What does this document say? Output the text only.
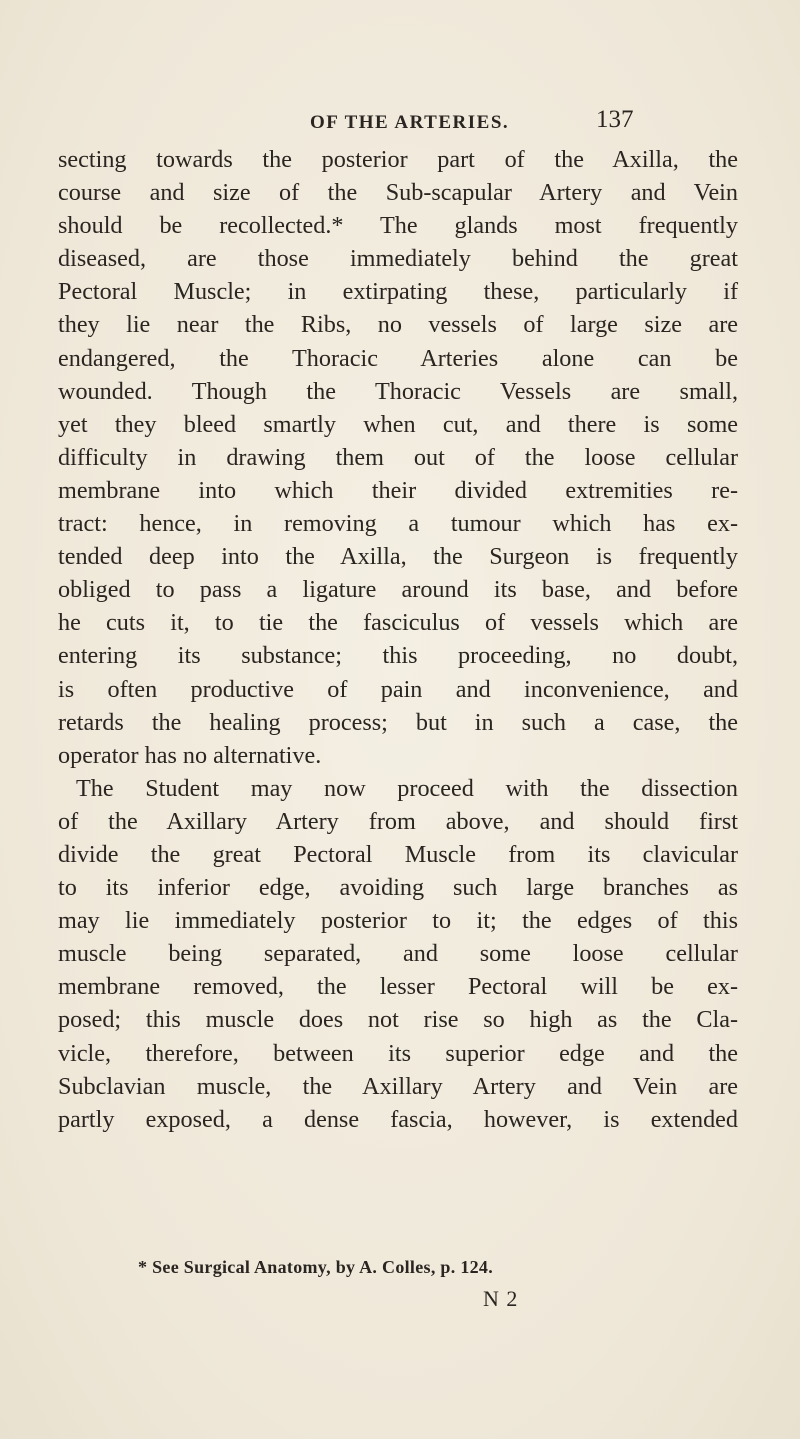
OF THE ARTERIES.	137
secting towards the posterior part of the Axilla, the
course and size of the Sub-scapular Artery and Vein
should be recollected.* The glands most frequently
diseased, are those immediately behind the great
Pectoral Muscle; in extirpating these, particularly if
they lie near the Ribs, no vessels of large size are
endangered, the Thoracic Arteries alone can be
wounded. Though the Thoracic Vessels are small,
yet they bleed smartly when cut, and there is some
difficulty in drawing them out of the loose cellular
membrane into which their divided extremities re-
tract: hence, in removing a tumour which has ex-
tended deep into the Axilla, the Surgeon is frequently
obliged to pass a ligature around its base, and before
he cuts it, to tie the fasciculus of vessels which are
entering its substance; this proceeding, no doubt,
is often productive of pain and inconvenience, and
retards the healing process; but in such a case, the
operator has no alternative.
The Student may now proceed with the dissection
of the Axillary Artery from above, and should first
divide the great Pectoral Muscle from its clavicular
to its inferior edge, avoiding such large branches as
may lie immediately posterior to it; the edges of this
muscle being separated, and some loose cellular
membrane removed, the lesser Pectoral will be ex-
posed; this muscle does not rise so high as the Cla-
vicle, therefore, between its superior edge and the
Subclavian muscle, the Axillary Artery and Vein are
partly exposed, a dense fascia, however, is extended
* See Surgical Anatomy, by A. Colles, p. 124.
N 2
